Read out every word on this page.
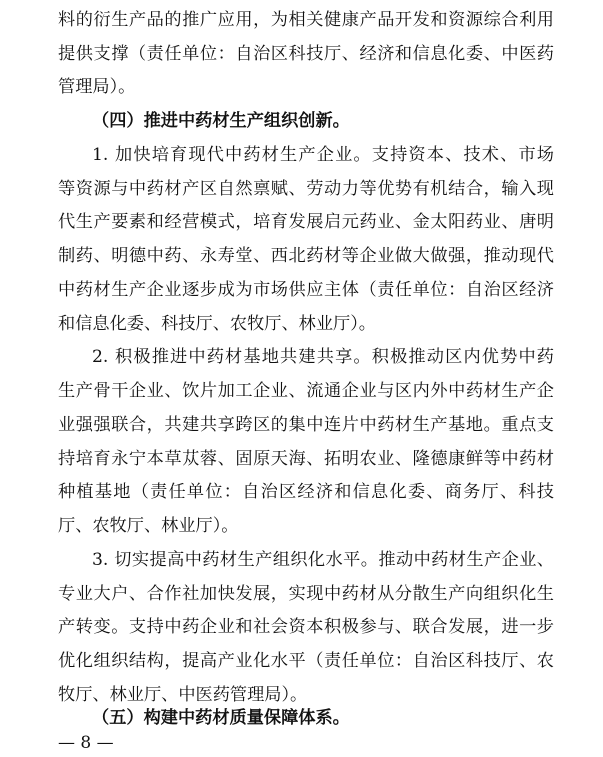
料的衍生产品的推广应用，为相关健康产品开发和资源综合利用
提供支撑（责任单位：自治区科技厅、经济和信息化委、中医药
管理局）。
（四）推进中药材生产组织创新。
1. 加快培育现代中药材生产企业。支持资本、技术、市场
等资源与中药材产区自然禀赋、劳动力等优势有机结合，输入现
代生产要素和经营模式，培育发展启元药业、金太阳药业、唐明
制药、明德中药、永寿堂、西北药材等企业做大做强，推动现代
中药材生产企业逐步成为市场供应主体（责任单位：自治区经济
和信息化委、科技厅、农牧厅、林业厅）。
2. 积极推进中药材基地共建共享。积极推动区内优势中药
生产骨干企业、饮片加工企业、流通企业与区内外中药材生产企
业强强联合，共建共享跨区的集中连片中药材生产基地。重点支
持培育永宁本草苁蓉、固原天海、拓明农业、隆德康鲜等中药材
种植基地（责任单位：自治区经济和信息化委、商务厅、科技
厅、农牧厅、林业厅）。
3. 切实提高中药材生产组织化水平。推动中药材生产企业、
专业大户、合作社加快发展，实现中药材从分散生产向组织化生
产转变。支持中药企业和社会资本积极参与、联合发展，进一步
优化组织结构，提高产业化水平（责任单位：自治区科技厅、农
牧厅、林业厅、中医药管理局）。
（五）构建中药材质量保障体系。
— 8 —
